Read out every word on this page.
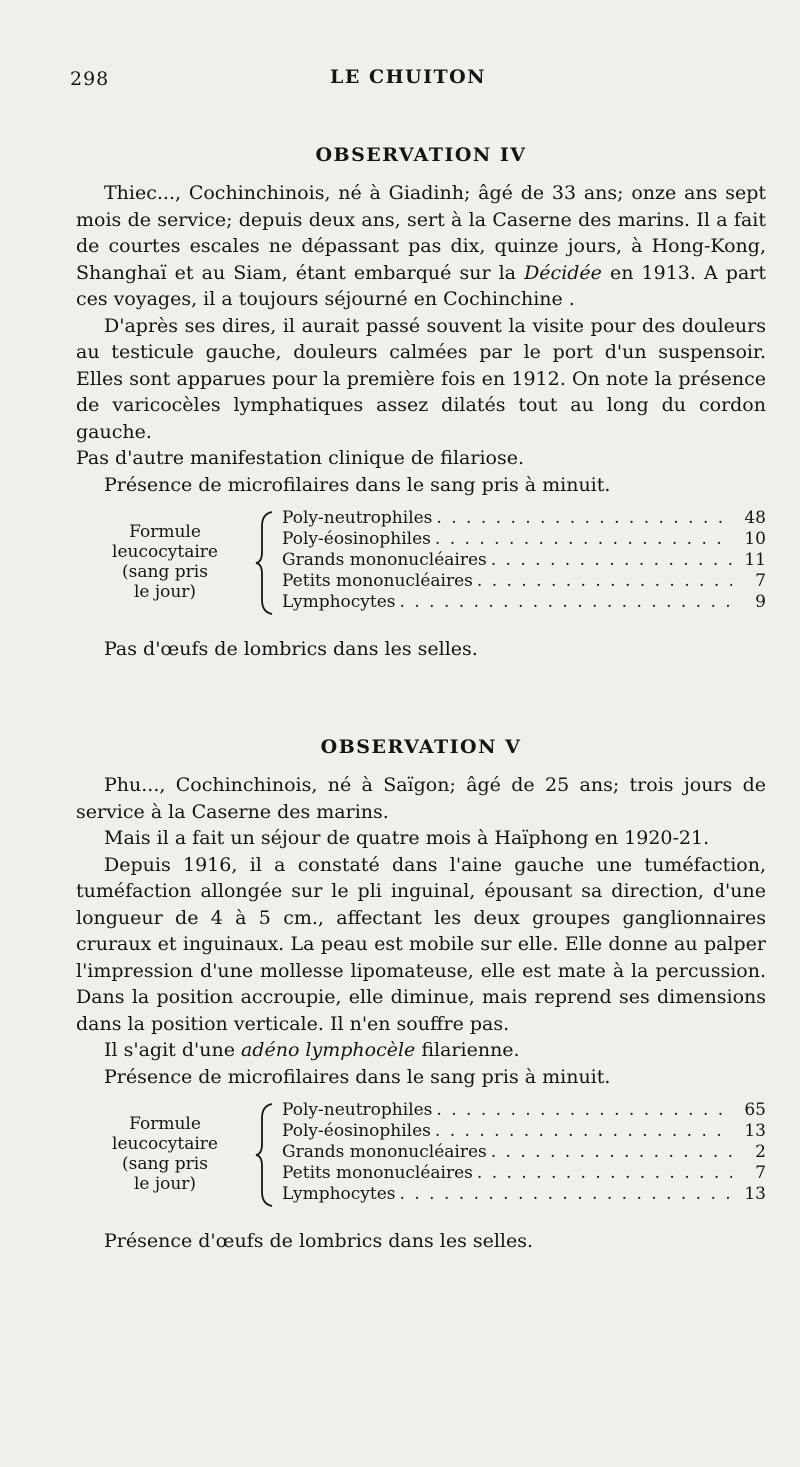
298	LE CHUITON
OBSERVATION IV

Thiec..., Cochinchinois, né à Giadinh; âgé de 33 ans; onze ans sept mois de service; depuis deux ans, sert à la Caserne des marins. Il a fait de courtes escales ne dépassant pas dix, quinze jours, à Hong-Kong, Shanghaï et au Siam, étant embarqué sur la Décidée en 1913. A part ces voyages, il a toujours séjourné en Cochinchine .

D'après ses dires, il aurait passé souvent la visite pour des douleurs au testicule gauche, douleurs calmées par le port d'un suspensoir. Elles sont apparues pour la première fois en 1912. On note la présence de varicocèles lymphatiques assez dilatés tout au long du cordon gauche.

Pas d'autre manifestation clinique de filariose.

Présence de microfilaires dans le sang pris à minuit.

Formule
leucocytaire
(sang pris
le jour)
Poly-neutrophiles . . .	48
Poly-éosinophiles . . .	10
Grands mononucléaires . . .	11
Petits mononucléaires . . .	7
Lymphocytes . . .	9

Pas d'œufs de lombrics dans les selles.

OBSERVATION V

Phu..., Cochinchinois, né à Saïgon; âgé de 25 ans; trois jours de service à la Caserne des marins.

Mais il a fait un séjour de quatre mois à Haïphong en 1920-21.

Depuis 1916, il a constaté dans l'aine gauche une tuméfaction, tuméfaction allongée sur le pli inguinal, épousant sa direction, d'une longueur de 4 à 5 cm., affectant les deux groupes ganglionnaires cruraux et inguinaux. La peau est mobile sur elle. Elle donne au palper l'impression d'une mollesse lipomateuse, elle est mate à la percussion. Dans la position accroupie, elle diminue, mais reprend ses dimensions dans la position verticale. Il n'en souffre pas.

Il s'agit d'une adéno lymphocèle filarienne.

Présence de microfilaires dans le sang pris à minuit.

Formule
leucocytaire
(sang pris
le jour)
Poly-neutrophiles . . .	65
Poly-éosinophiles . . .	13
Grands mononucléaires . . .	2
Petits mononucléaires . . .	7
Lymphocytes . . .	13

Présence d'œufs de lombrics dans les selles.
